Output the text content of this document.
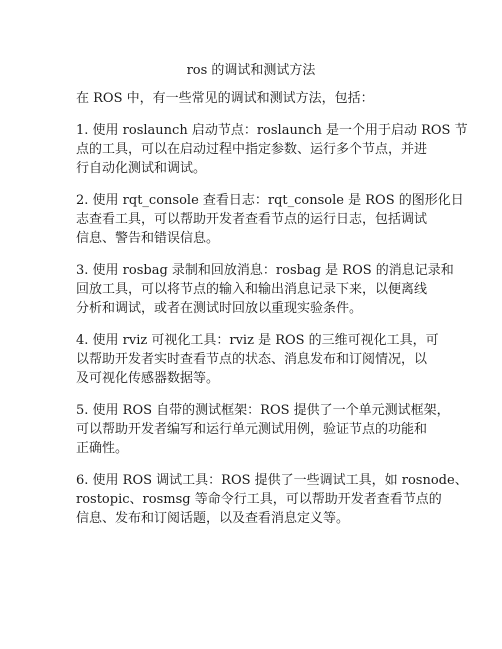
ros 的调试和测试方法
在 ROS 中，有一些常见的调试和测试方法，包括：
1. 使用 roslaunch 启动节点：roslaunch 是一个用于启动 ROS 节
点的工具，可以在启动过程中指定参数、运行多个节点，并进
行自动化测试和调试。
2. 使用 rqt_console 查看日志：rqt_console 是 ROS 的图形化日
志查看工具，可以帮助开发者查看节点的运行日志，包括调试
信息、警告和错误信息。
3. 使用 rosbag 录制和回放消息：rosbag 是 ROS 的消息记录和
回放工具，可以将节点的输入和输出消息记录下来，以便离线
分析和调试，或者在测试时回放以重现实验条件。
4. 使用 rviz 可视化工具：rviz 是 ROS 的三维可视化工具，可
以帮助开发者实时查看节点的状态、消息发布和订阅情况，以
及可视化传感器数据等。
5. 使用 ROS 自带的测试框架：ROS 提供了一个单元测试框架，
可以帮助开发者编写和运行单元测试用例，验证节点的功能和
正确性。
6. 使用 ROS 调试工具：ROS 提供了一些调试工具，如 rosnode、
rostopic、rosmsg 等命令行工具，可以帮助开发者查看节点的
信息、发布和订阅话题，以及查看消息定义等。
